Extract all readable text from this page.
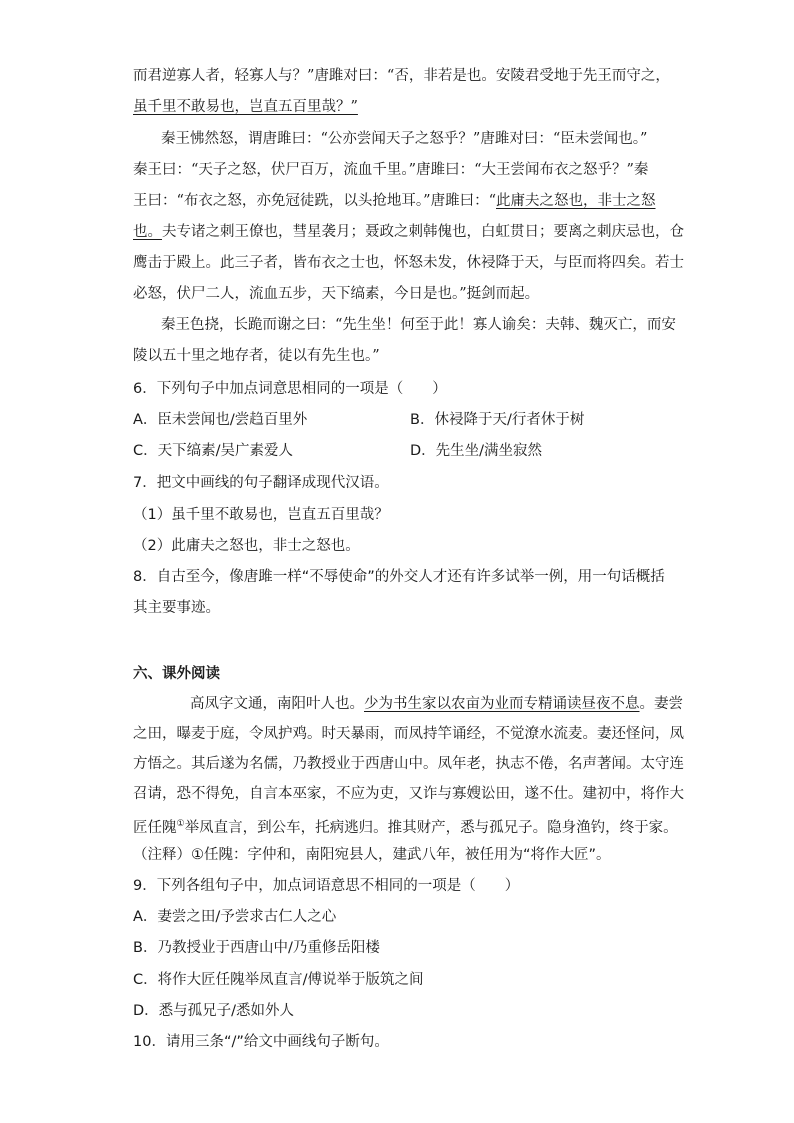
而君逆寡人者，轻寡人与？”唐雎对曰：“否，非若是也。安陵君受地于先王而守之，
虽千里不敢易也，岂直五百里哉？”
秦王怫然怒，谓唐雎曰：“公亦尝闻天子之怒乎？”唐雎对曰：“臣未尝闻也。”
秦王曰：“天子之怒，伏尸百万，流血千里。”唐雎曰：“大王尝闻布衣之怒乎？”秦
王曰：“布衣之怒，亦免冠徒跣，以头抢地耳。”唐雎曰：“此庸夫之怒也，非士之怒
也。夫专诸之刺王僚也，彗星袭月；聂政之刺韩傀也，白虹贯日；要离之刺庆忌也，仓
鹰击于殿上。此三子者，皆布衣之士也，怀怒未发，休祲降于天，与臣而将四矣。若士
必怒，伏尸二人，流血五步，天下缟素，今日是也。”挺剑而起。
秦王色挠，长跪而谢之曰：“先生坐！何至于此！寡人谕矣：夫韩、魏灭亡，而安
陵以五十里之地存者，徒以有先生也。”
6．下列句子中加点词意思相同的一项是（　　）
A．臣未尝闻也/尝趋百里外	B．休祲降于天/行者休于树
C．天下缟素/吴广素爱人	D．先生坐/满坐寂然
7．把文中画线的句子翻译成现代汉语。
（1）虽千里不敢易也，岂直五百里哉？
（2）此庸夫之怒也，非士之怒也。
8．自古至今，像唐雎一样“不辱使命”的外交人才还有许多试举一例，用一句话概括
其主要事迹。
六、课外阅读
高凤字文通，南阳叶人也。少为书生家以农亩为业而专精诵读昼夜不息。妻尝
之田，曝麦于庭，令凤护鸡。时天暴雨，而凤持竿诵经，不觉潦水流麦。妻还怪问，凤
方悟之。其后遂为名儒，乃教授业于西唐山中。凤年老，执志不倦，名声著闻。太守连
召请，恐不得免，自言本巫家，不应为吏，又诈与寡嫂讼田，遂不仕。建初中，将作大
匠任隗①举凤直言，到公车，托病逃归。推其财产，悉与孤兄子。隐身渔钓，终于家。
（注释）①任隗：字仲和，南阳宛县人，建武八年，被任用为“将作大匠”。
9．下列各组句子中，加点词语意思不相同的一项是（　　）
A．妻尝之田/予尝求古仁人之心
B．乃教授业于西唐山中/乃重修岳阳楼
C．将作大匠任隗举凤直言/傅说举于版筑之间
D．悉与孤兄子/悉如外人
10．请用三条“/”给文中画线句子断句。
